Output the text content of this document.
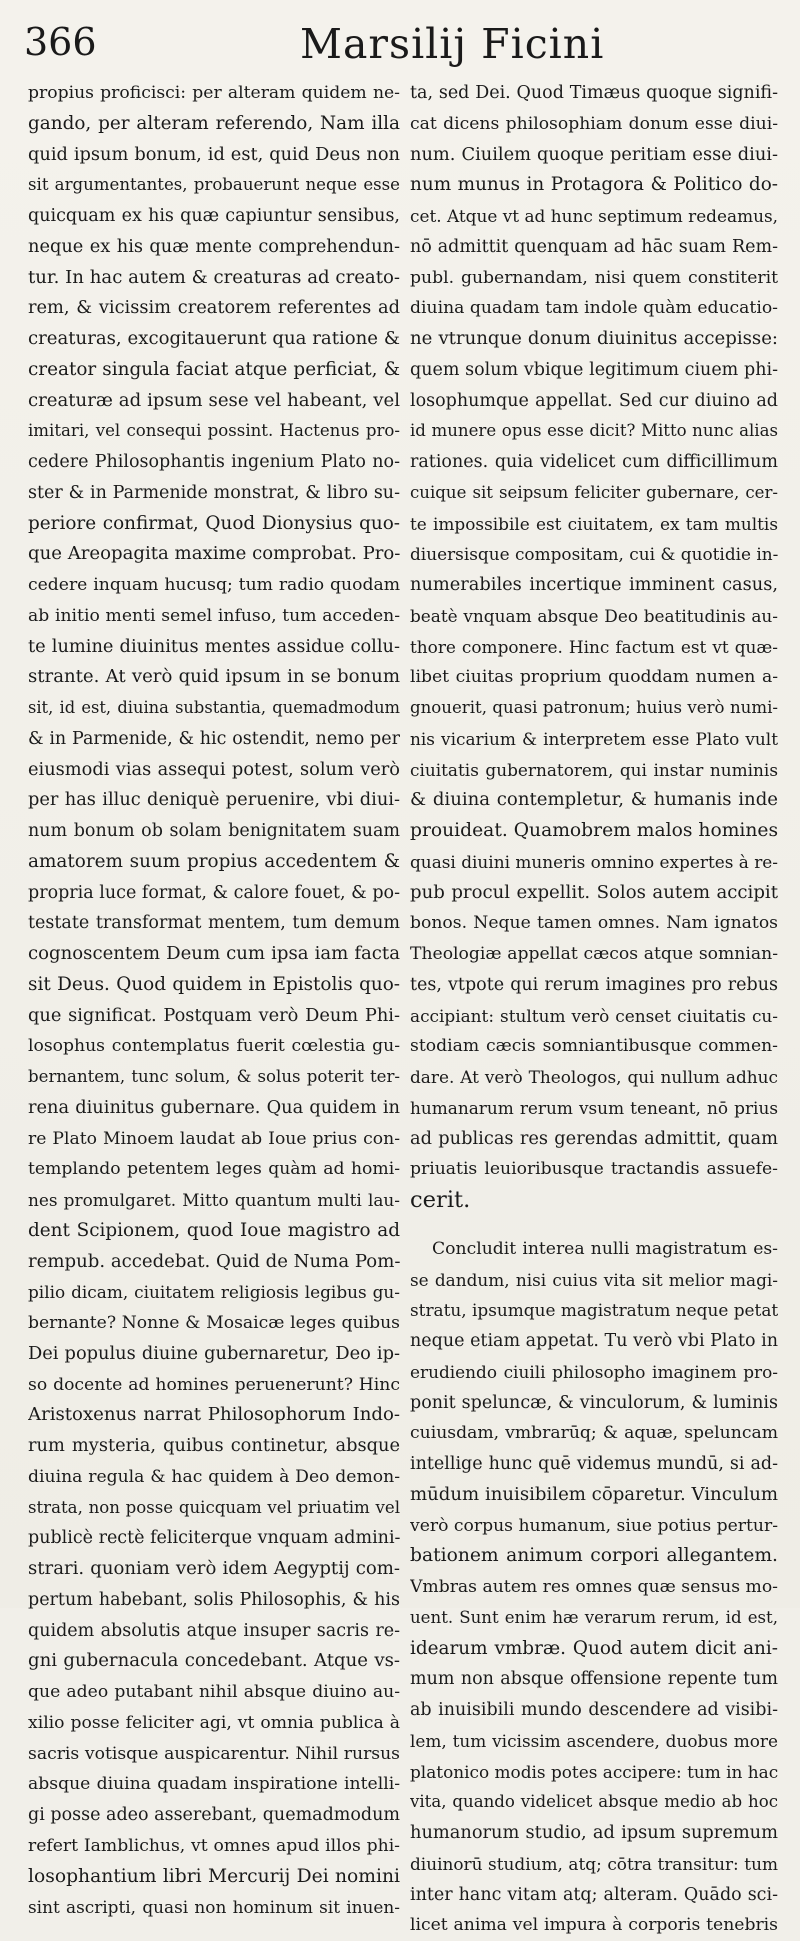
366	Marsilij Ficini
propius proficisci: per alteram quidem ne-
gando, per alteram referendo, Nam illa
quid ipsum bonum, id est, quid Deus non
sit argumentantes, probauerunt neque esse
quicquam ex his quæ capiuntur sensibus,
neque ex his quæ mente comprehendun-
tur. In hac autem & creaturas ad creato-
rem, & vicissim creatorem referentes ad
creaturas, excogitauerunt qua ratione &
creator singula faciat atque perficiat, &
creaturæ ad ipsum sese vel habeant, vel
imitari, vel consequi possint. Hactenus pro-
cedere Philosophantis ingenium Plato no-
ster & in Parmenide monstrat, & libro su-
periore confirmat, Quod Dionysius quo-
que Areopagita maxime comprobat. Pro-
cedere inquam hucusq; tum radio quodam
ab initio menti semel infuso, tum acceden-
te lumine diuinitus mentes assidue collu-
strante. At verò quid ipsum in se bonum
sit, id est, diuina substantia, quemadmodum
& in Parmenide, & hic ostendit, nemo per
eiusmodi vias assequi potest, solum verò
per has illuc deniquè peruenire, vbi diui-
num bonum ob solam benignitatem suam
amatorem suum propius accedentem &
propria luce format, & calore fouet, & po-
testate transformat mentem, tum demum
cognoscentem Deum cum ipsa iam facta
sit Deus. Quod quidem in Epistolis quo-
que significat. Postquam verò Deum Phi-
losophus contemplatus fuerit cœlestia gu-
bernantem, tunc solum, & solus poterit ter-
rena diuinitus gubernare. Qua quidem in
re Plato Minoem laudat ab Ioue prius con-
templando petentem leges quàm ad homi-
nes promulgaret. Mitto quantum multi lau-
dent Scipionem, quod Ioue magistro ad
rempub. accedebat. Quid de Numa Pom-
pilio dicam, ciuitatem religiosis legibus gu-
bernante? Nonne & Mosaicæ leges quibus
Dei populus diuine gubernaretur, Deo ip-
so docente ad homines peruenerunt? Hinc
Aristoxenus narrat Philosophorum Indo-
rum mysteria, quibus continetur, absque
diuina regula & hac quidem à Deo demon-
strata, non posse quicquam vel priuatim vel
publicè rectè feliciterque vnquam admini-
strari. quoniam verò idem Aegyptij com-
pertum habebant, solis Philosophis, & his
quidem absolutis atque insuper sacris re-
gni gubernacula concedebant. Atque vs-
que adeo putabant nihil absque diuino au-
xilio posse feliciter agi, vt omnia publica à
sacris votisque auspicarentur. Nihil rursus
absque diuina quadam inspiratione intelli-
gi posse adeo asserebant, quemadmodum
refert Iamblichus, vt omnes apud illos phi-
losophantium libri Mercurij Dei nomini
sint ascripti, quasi non hominum sit inuen-
ta, sed Dei. Quod Timæus quoque signifi-
cat dicens philosophiam donum esse diui-
num. Ciuilem quoque peritiam esse diui-
num munus in Protagora & Politico do-
cet. Atque vt ad hunc septimum redeamus,
nō admittit quenquam ad hāc suam Rem-
publ. gubernandam, nisi quem constiterit
diuina quadam tam indole quàm educatio-
ne vtrunque donum diuinitus accepisse:
quem solum vbique legitimum ciuem phi-
losophumque appellat. Sed cur diuino ad
id munere opus esse dicit? Mitto nunc alias
rationes. quia videlicet cum difficillimum
cuique sit seipsum feliciter gubernare, cer-
te impossibile est ciuitatem, ex tam multis
diuersisque compositam, cui & quotidie in-
numerabiles incertique imminent casus,
beatè vnquam absque Deo beatitudinis au-
thore componere. Hinc factum est vt quæ-
libet ciuitas proprium quoddam numen a-
gnouerit, quasi patronum; huius verò numi-
nis vicarium & interpretem esse Plato vult
ciuitatis gubernatorem, qui instar numinis
& diuina contempletur, & humanis inde
prouideat. Quamobrem malos homines
quasi diuini muneris omnino expertes à re-
pub procul expellit. Solos autem accipit
bonos. Neque tamen omnes. Nam ignatos
Theologiæ appellat cæcos atque somnian-
tes, vtpote qui rerum imagines pro rebus
accipiant: stultum verò censet ciuitatis cu-
stodiam cæcis somniantibusque commen-
dare. At verò Theologos, qui nullum adhuc
humanarum rerum vsum teneant, nō prius
ad publicas res gerendas admittit, quam
priuatis leuioribusque tractandis assuefe-
cerit.
Concludit interea nulli magistratum es-
se dandum, nisi cuius vita sit melior magi-
stratu, ipsumque magistratum neque petat
neque etiam appetat. Tu verò vbi Plato in
erudiendo ciuili philosopho imaginem pro-
ponit speluncæ, & vinculorum, & luminis
cuiusdam, vmbrarūq; & aquæ, speluncam
intellige hunc quē videmus mundū, si ad-
mūdum inuisibilem cōparetur. Vinculum
verò corpus humanum, siue potius pertur-
bationem animum corpori allegantem.
Vmbras autem res omnes quæ sensus mo-
uent. Sunt enim hæ verarum rerum, id est,
idearum vmbræ. Quod autem dicit ani-
mum non absque offensione repente tum
ab inuisibili mundo descendere ad visibi-
lem, tum vicissim ascendere, duobus more
platonico modis potes accipere: tum in hac
vita, quando videlicet absque medio ab hoc
humanorum studio, ad ipsum supremum
diuinorū studium, atq; cōtra transitur: tum
inter hanc vitam atq; alteram. Quādo sci-
licet anima vel impura à corporis tenebris
